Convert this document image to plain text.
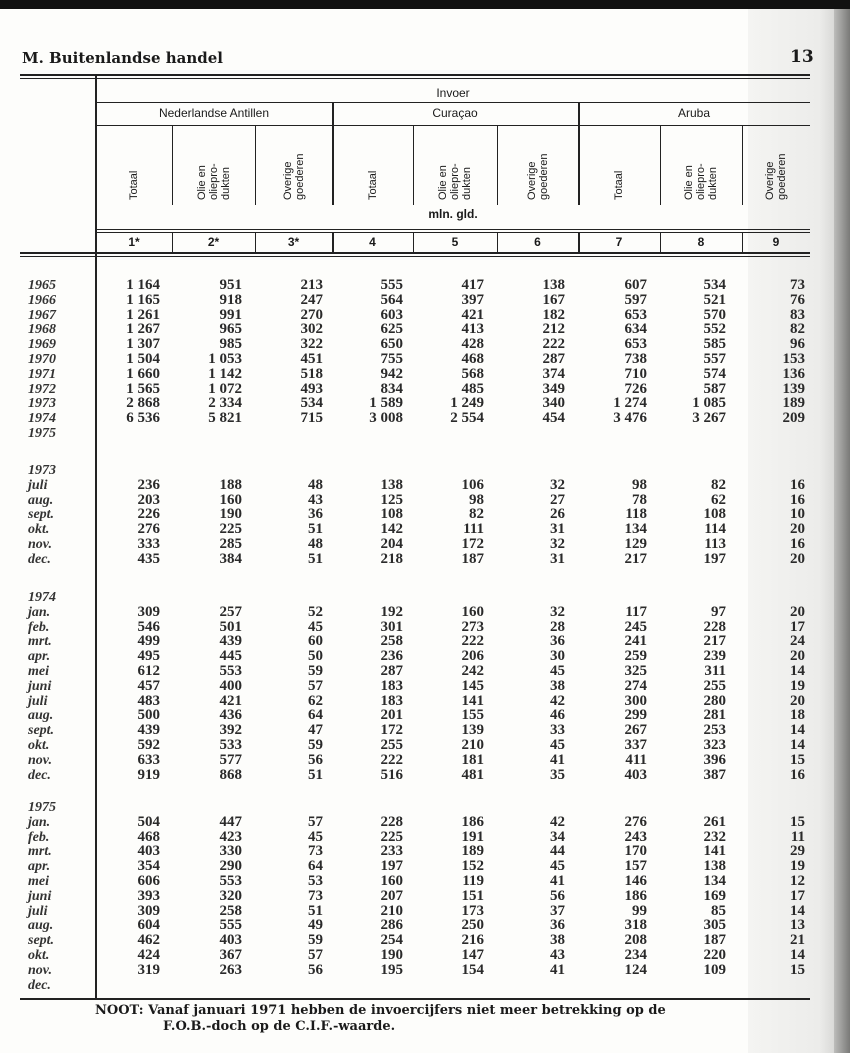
M. Buitenlandse handel	13
Invoer
Nederlandse Antillen	Curaçao	Aruba
Totaal	Olie en
oliepro-
dukten	Overige
goederen	Totaal	Olie en
oliepro-
dukten	Overige
goederen	Totaal	Olie en
oliepro-
dukten	Overige
goederen
1*	2*	3*	4	5	6	7	8	9
mln. gld.
1965	1 164	951	213	555	417	138	607	534	73
1966	1 165	918	247	564	397	167	597	521	76
1967	1 261	991	270	603	421	182	653	570	83
1968	1 267	965	302	625	413	212	634	552	82
1969	1 307	985	322	650	428	222	653	585	96
1970	1 504	1 053	451	755	468	287	738	557	153
1971	1 660	1 142	518	942	568	374	710	574	136
1972	1 565	1 072	493	834	485	349	726	587	139
1973	2 868	2 334	534	1 589	1 249	340	1 274	1 085	189
1974	6 536	5 821	715	3 008	2 554	454	3 476	3 267	209
1975
1973
juli	236	188	48	138	106	32	98	82	16
aug.	203	160	43	125	98	27	78	62	16
sept.	226	190	36	108	82	26	118	108	10
okt.	276	225	51	142	111	31	134	114	20
nov.	333	285	48	204	172	32	129	113	16
dec.	435	384	51	218	187	31	217	197	20
1974
jan.	309	257	52	192	160	32	117	97	20
feb.	546	501	45	301	273	28	245	228	17
mrt.	499	439	60	258	222	36	241	217	24
apr.	495	445	50	236	206	30	259	239	20
mei	612	553	59	287	242	45	325	311	14
juni	457	400	57	183	145	38	274	255	19
juli	483	421	62	183	141	42	300	280	20
aug.	500	436	64	201	155	46	299	281	18
sept.	439	392	47	172	139	33	267	253	14
okt.	592	533	59	255	210	45	337	323	14
nov.	633	577	56	222	181	41	411	396	15
dec.	919	868	51	516	481	35	403	387	16
1975
jan.	504	447	57	228	186	42	276	261	15
feb.	468	423	45	225	191	34	243	232	11
mrt.	403	330	73	233	189	44	170	141	29
apr.	354	290	64	197	152	45	157	138	19
mei	606	553	53	160	119	41	146	134	12
juni	393	320	73	207	151	56	186	169	17
juli	309	258	51	210	173	37	99	85	14
aug.	604	555	49	286	250	36	318	305	13
sept.	462	403	59	254	216	38	208	187	21
okt.	424	367	57	190	147	43	234	220	14
nov.	319	263	56	195	154	41	124	109	15
dec.
NOOT: Vanaf januari 1971 hebben de invoercijfers niet meer betrekking op de
F.O.B.-doch op de C.I.F.-waarde.
